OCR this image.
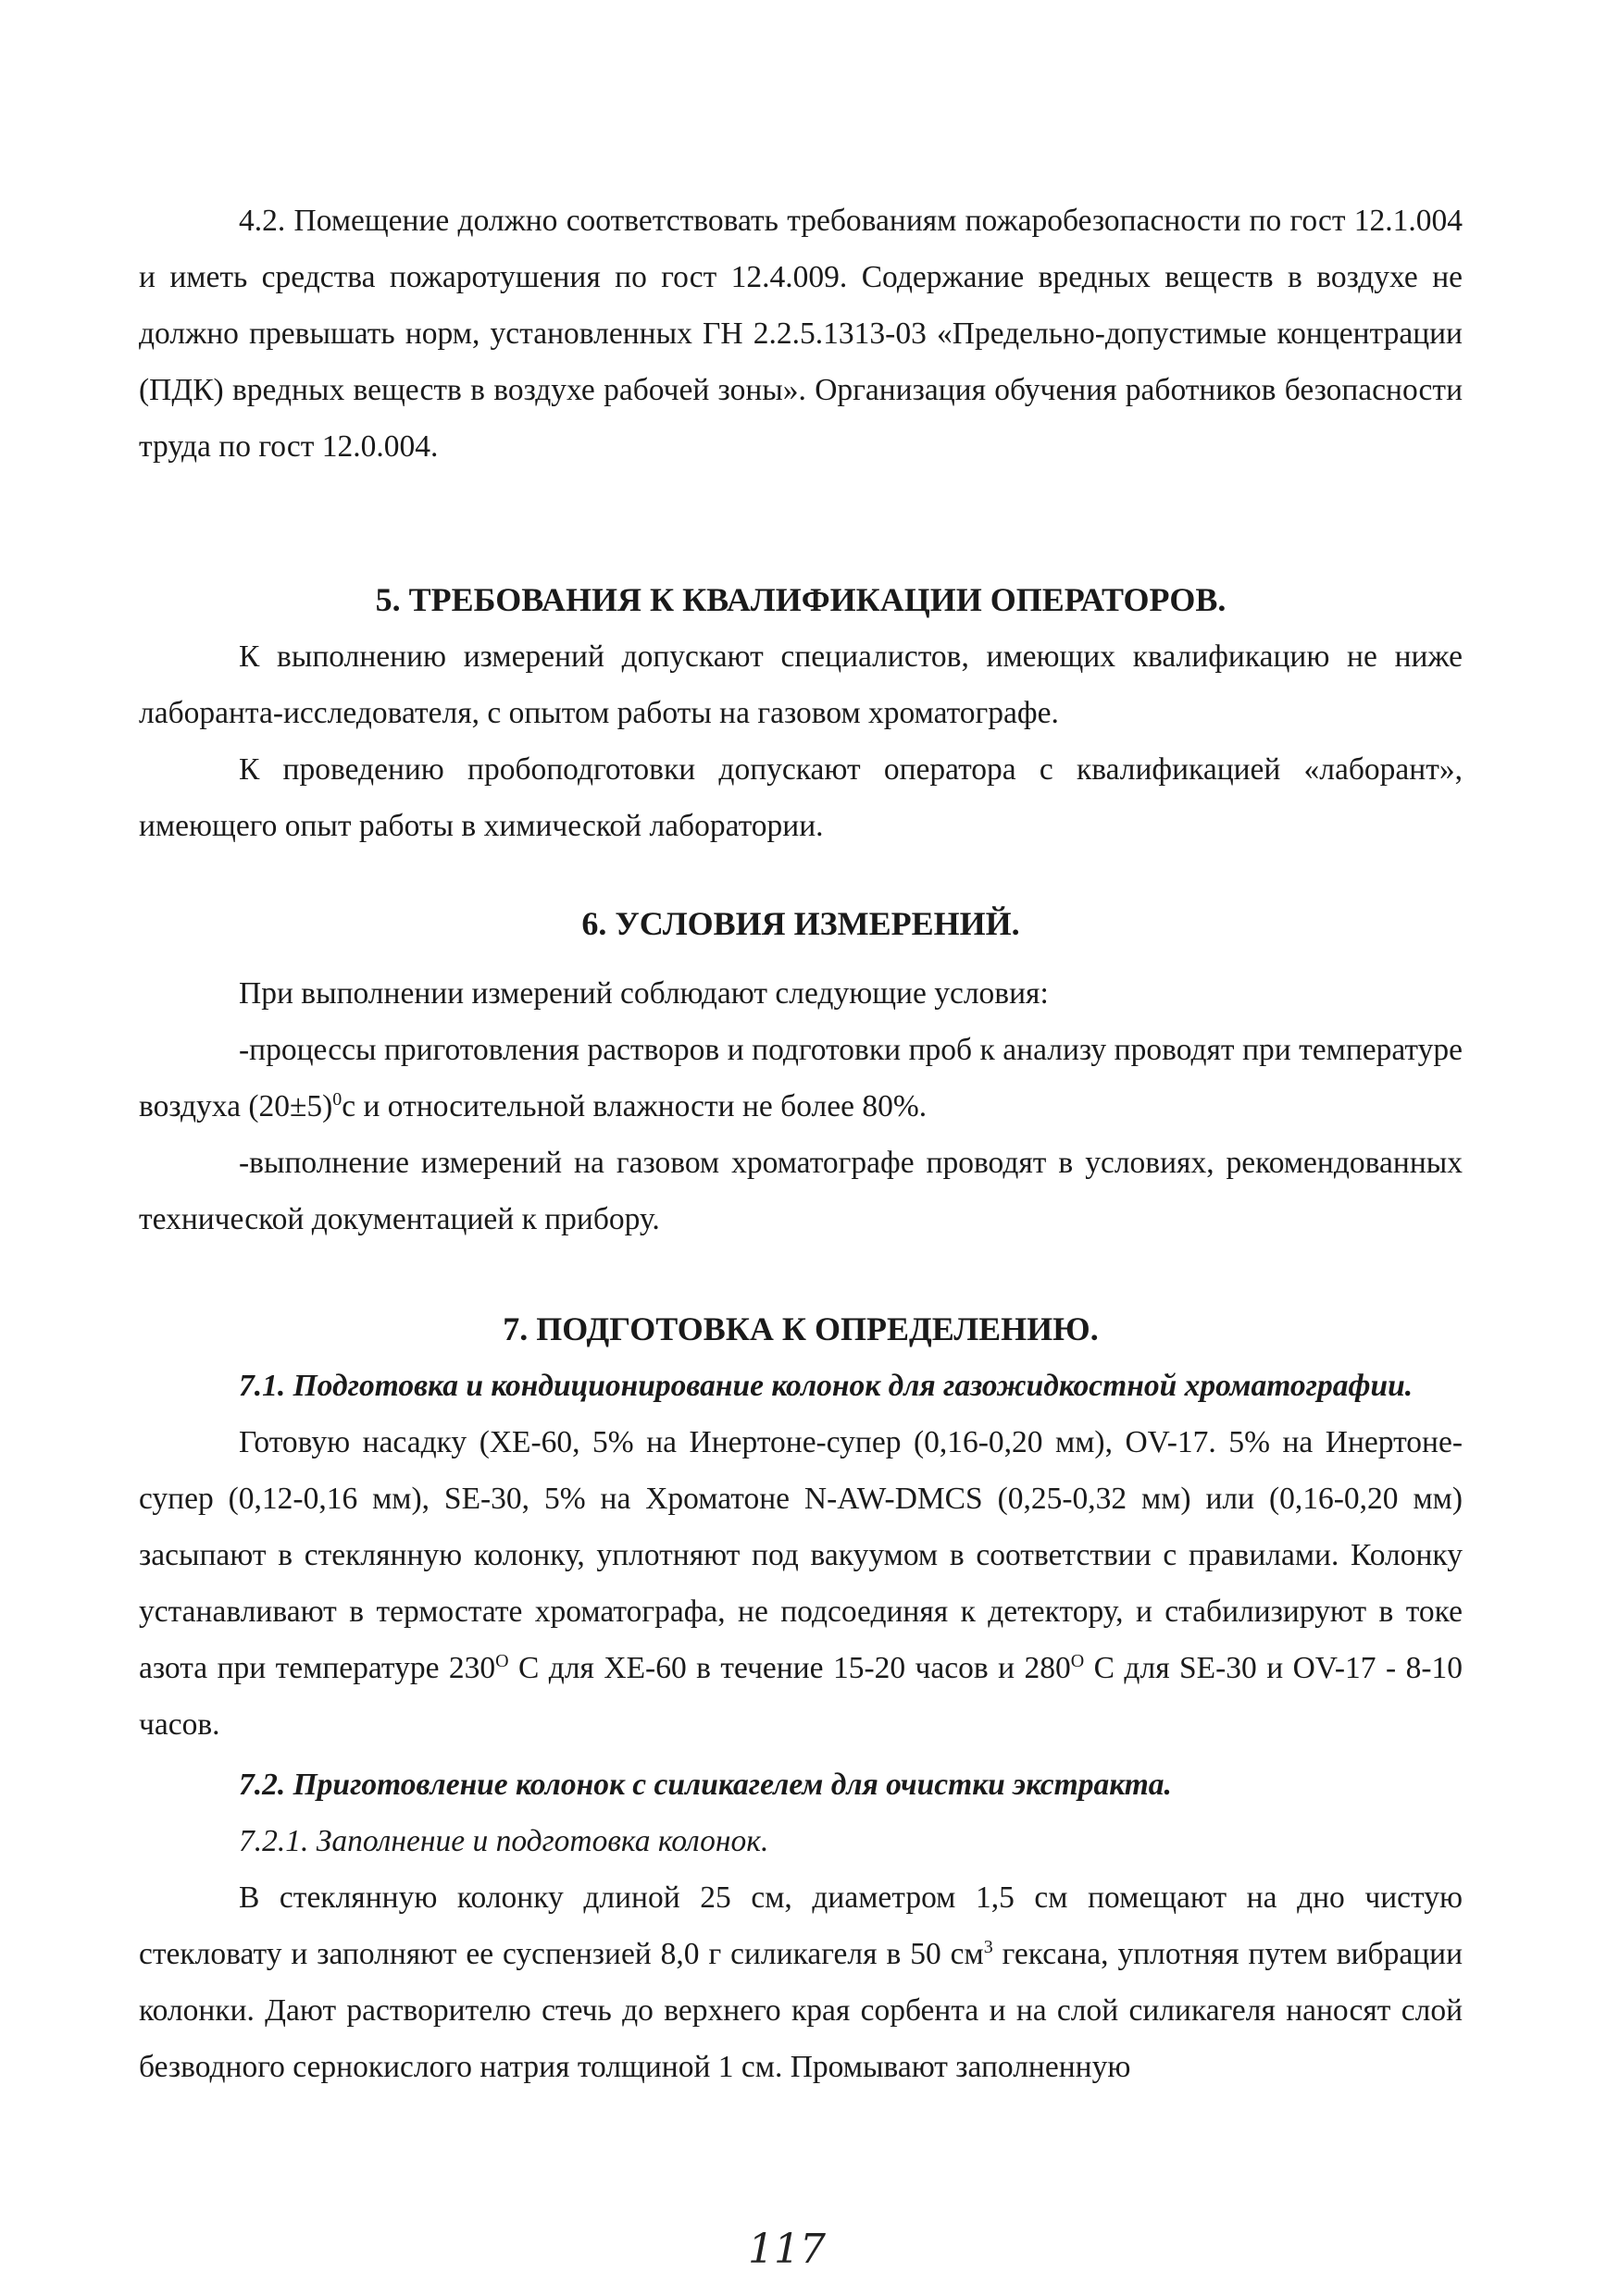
4.2. Помещение должно соответствовать требованиям пожаробезопасности по гост 12.1.004 и иметь средства пожаротушения по гост 12.4.009. Содержание вредных веществ в воздухе не должно превышать норм, установленных ГН 2.2.5.1313-03 «Предельно-допустимые концентрации (ПДК) вредных веществ в воздухе рабочей зоны». Организация обучения работников безопасности труда по гост 12.0.004.

5. ТРЕБОВАНИЯ К КВАЛИФИКАЦИИ ОПЕРАТОРОВ.

К выполнению измерений допускают специалистов, имеющих квалификацию не ниже лаборанта-исследователя, с опытом работы на газовом хроматографе.

К проведению пробоподготовки допускают оператора с квалификацией «лаборант», имеющего опыт работы в химической лаборатории.

6. УСЛОВИЯ ИЗМЕРЕНИЙ.

При выполнении измерений соблюдают следующие условия:

-процессы приготовления растворов и подготовки проб к анализу проводят при температуре воздуха $(20\pm 5)^0с$ и относительной влажности не более 80%.

-выполнение измерений на газовом хроматографе проводят в условиях, рекомендованных технической документацией к прибору.

7. ПОДГОТОВКА К ОПРЕДЕЛЕНИЮ.

7.1. Подготовка и кондиционирование колонок для газожидкостной хроматографии.

Готовую насадку (ХЕ-60, 5% на Инертоне-супер (0,16-0,20 мм), OV-17. 5% на Инертоне-супер (0,12-0,16 мм), SE-30, 5% на Хроматоне N-AW-DMCS (0,25-0,32 мм) или (0,16-0,20 мм) засыпают в стеклянную колонку, уплотняют под вакуумом в соответствии с правилами. Колонку устанавливают в термостате хроматографа, не подсоединяя к детектору, и стабилизируют в токе азота при температуре $230^О$ С для ХЕ-60 в течение 15-20 часов и $280^О$ С для SE-30 и OV-17 - 8-10 часов.

7.2. Приготовление колонок с силикагелем для очистки экстракта.

7.2.1. Заполнение и подготовка колонок.

В стеклянную колонку длиной 25 см, диаметром 1,5 см помещают на дно чистую стекловату и заполняют ее суспензией 8,0 г силикагеля в 50 $см^3$ гексана, уплотняя путем вибрации колонки. Дают растворителю стечь до верхнего края сорбента и на слой силикагеля наносят слой безводного сернокислого натрия толщиной 1 см. Промывают заполненную

117
